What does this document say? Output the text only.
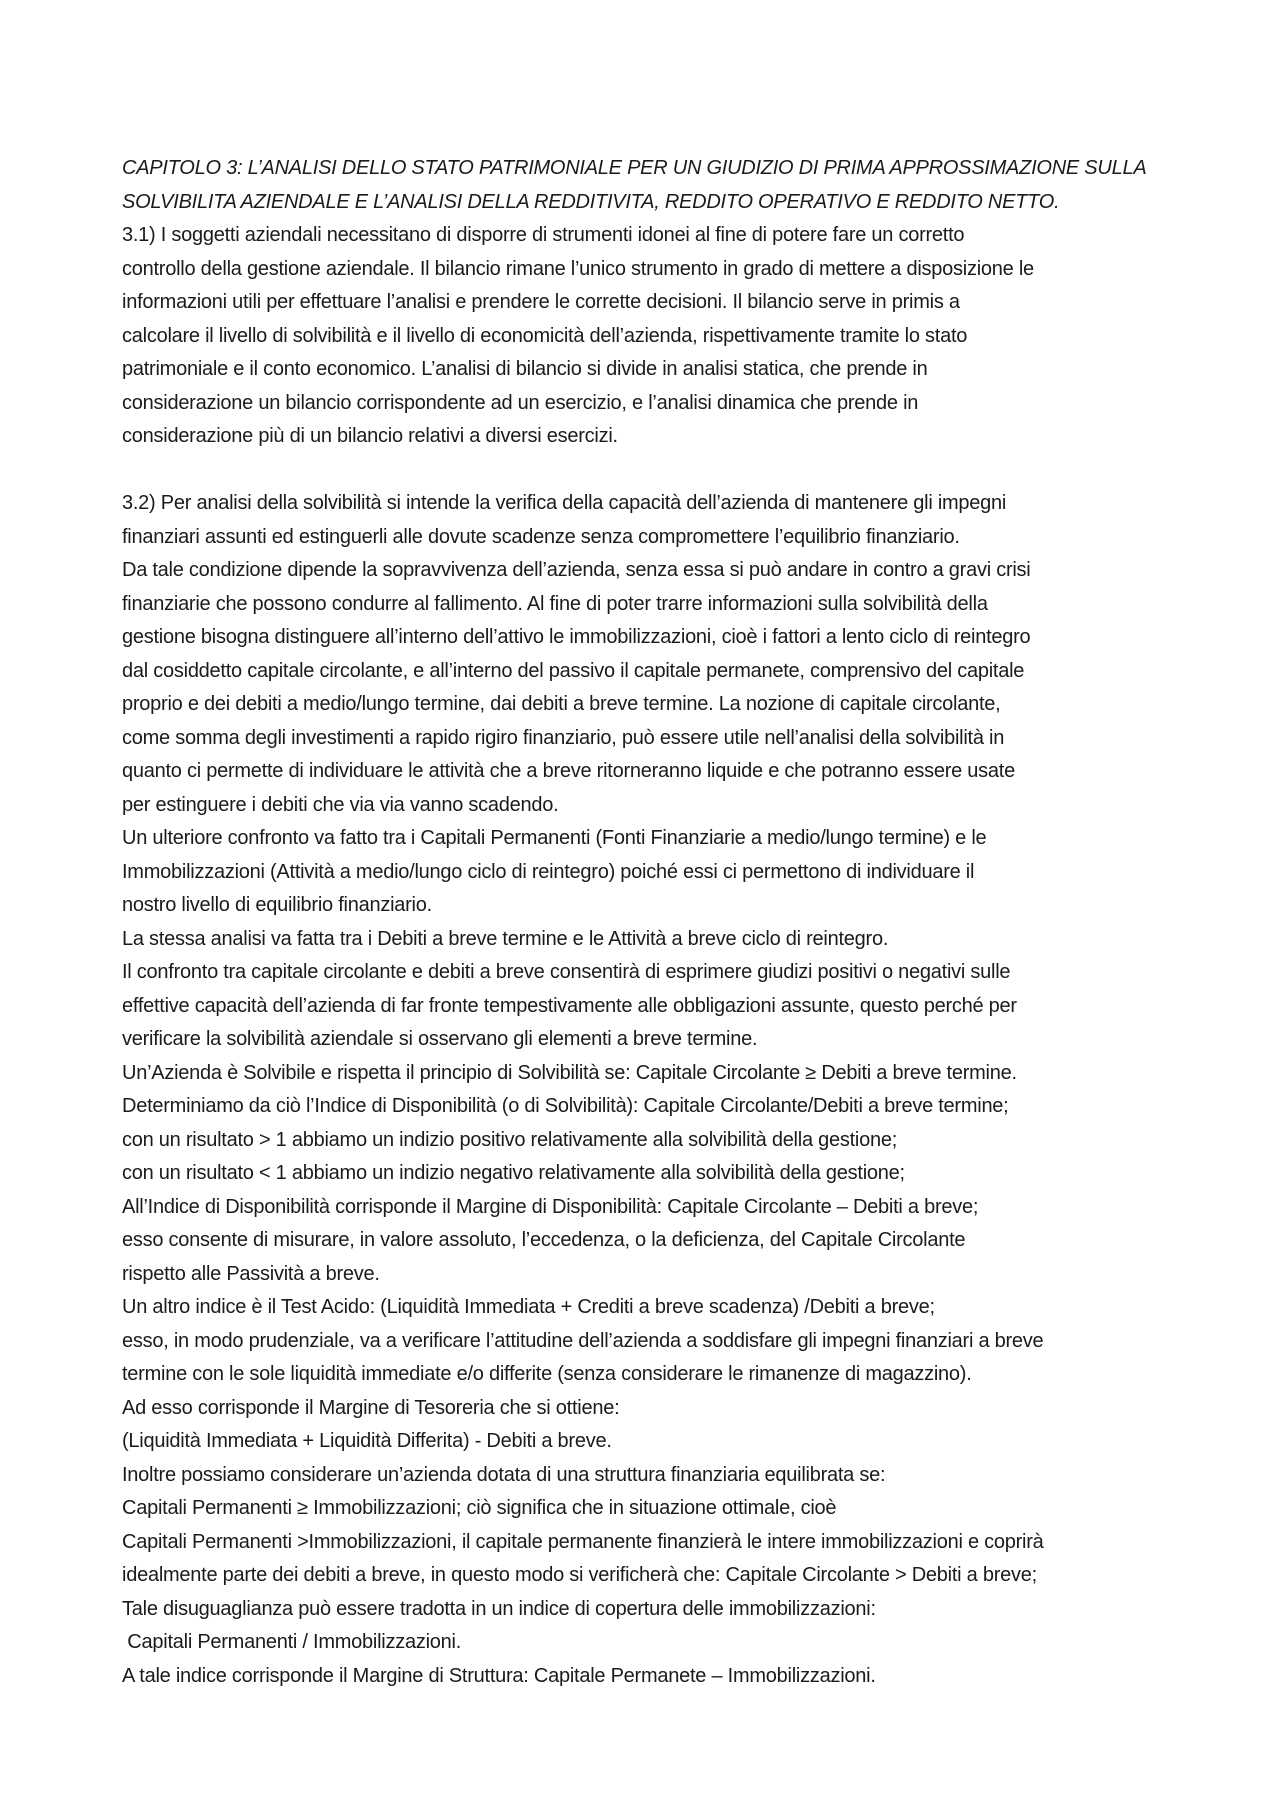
CAPITOLO 3: L’ANALISI DELLO STATO PATRIMONIALE PER UN GIUDIZIO DI PRIMA APPROSSIMAZIONE SULLA
SOLVIBILITA AZIENDALE E L’ANALISI DELLA REDDITIVITA, REDDITO OPERATIVO E REDDITO NETTO.
3.1) I soggetti aziendali necessitano di disporre di strumenti idonei al fine di potere fare un corretto
controllo della gestione aziendale. Il bilancio rimane l’unico strumento in grado di mettere a disposizione le
informazioni utili per effettuare l’analisi e prendere le corrette decisioni. Il bilancio serve in primis a
calcolare il livello di solvibilità e il livello di economicità dell’azienda, rispettivamente tramite lo stato
patrimoniale e il conto economico. L’analisi di bilancio si divide in analisi statica, che prende in
considerazione un bilancio corrispondente ad un esercizio, e l’analisi dinamica che prende in
considerazione più di un bilancio relativi a diversi esercizi.
3.2) Per analisi della solvibilità si intende la verifica della capacità dell’azienda di mantenere gli impegni
finanziari assunti ed estinguerli alle dovute scadenze senza compromettere l’equilibrio finanziario.
Da tale condizione dipende la sopravvivenza dell’azienda, senza essa si può andare in contro a gravi crisi
finanziarie che possono condurre al fallimento. Al fine di poter trarre informazioni sulla solvibilità della
gestione bisogna distinguere all’interno dell’attivo le immobilizzazioni, cioè i fattori a lento ciclo di reintegro
dal cosiddetto capitale circolante, e all’interno del passivo il capitale permanete, comprensivo del capitale
proprio e dei debiti a medio/lungo termine, dai debiti a breve termine. La nozione di capitale circolante,
come somma degli investimenti a rapido rigiro finanziario, può essere utile nell’analisi della solvibilità in
quanto ci permette di individuare le attività che a breve ritorneranno liquide e che potranno essere usate
per estinguere i debiti che via via vanno scadendo.
Un ulteriore confronto va fatto tra i Capitali Permanenti (Fonti Finanziarie a medio/lungo termine) e le
Immobilizzazioni (Attività a medio/lungo ciclo di reintegro) poiché essi ci permettono di individuare il
nostro livello di equilibrio finanziario.
La stessa analisi va fatta tra i Debiti a breve termine e le Attività a breve ciclo di reintegro.
Il confronto tra capitale circolante e debiti a breve consentirà di esprimere giudizi positivi o negativi sulle
effettive capacità dell’azienda di far fronte tempestivamente alle obbligazioni assunte, questo perché per
verificare la solvibilità aziendale si osservano gli elementi a breve termine.
Un’Azienda è Solvibile e rispetta il principio di Solvibilità se: Capitale Circolante ≥ Debiti a breve termine.
Determiniamo da ciò l’Indice di Disponibilità (o di Solvibilità): Capitale Circolante/Debiti a breve termine;
con un risultato > 1 abbiamo un indizio positivo relativamente alla solvibilità della gestione;
con un risultato < 1 abbiamo un indizio negativo relativamente alla solvibilità della gestione;
All’Indice di Disponibilità corrisponde il Margine di Disponibilità: Capitale Circolante – Debiti a breve;
esso consente di misurare, in valore assoluto, l’eccedenza, o la deficienza, del Capitale Circolante
rispetto alle Passività a breve.
Un altro indice è il Test Acido: (Liquidità Immediata + Crediti a breve scadenza) /Debiti a breve;
esso, in modo prudenziale, va a verificare l’attitudine dell’azienda a soddisfare gli impegni finanziari a breve
termine con le sole liquidità immediate e/o differite (senza considerare le rimanenze di magazzino).
Ad esso corrisponde il Margine di Tesoreria che si ottiene:
(Liquidità Immediata + Liquidità Differita) - Debiti a breve.
Inoltre possiamo considerare un’azienda dotata di una struttura finanziaria equilibrata se:
Capitali Permanenti ≥ Immobilizzazioni; ciò significa che in situazione ottimale, cioè
Capitali Permanenti >Immobilizzazioni, il capitale permanente finanzierà le intere immobilizzazioni e coprirà
idealmente parte dei debiti a breve, in questo modo si verificherà che: Capitale Circolante > Debiti a breve;
Tale disuguaglianza può essere tradotta in un indice di copertura delle immobilizzazioni:
Capitali Permanenti / Immobilizzazioni.
A tale indice corrisponde il Margine di Struttura: Capitale Permanete – Immobilizzazioni.
